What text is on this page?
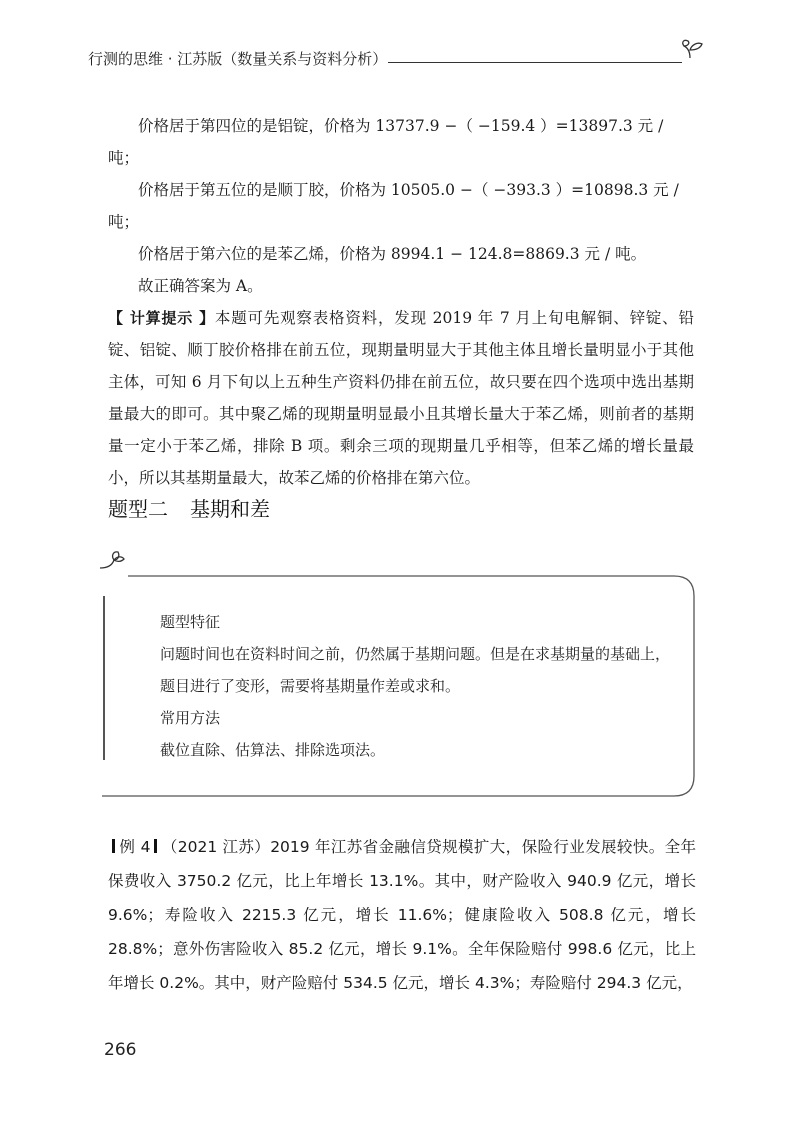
行测的思维 · 江苏版（数量关系与资料分析）

价格居于第四位的是铝锭，价格为 13737.9 −（ −159.4 ）=13897.3 元 / 吨；

价格居于第五位的是顺丁胶，价格为 10505.0 −（ −393.3 ）=10898.3 元 / 吨；

价格居于第六位的是苯乙烯，价格为 8994.1 − 124.8=8869.3 元 / 吨。

故正确答案为 A。

【 计算提示 】本题可先观察表格资料，发现 2019 年 7 月上旬电解铜、锌锭、铅锭、铝锭、顺丁胶价格排在前五位，现期量明显大于其他主体且增长量明显小于其他主体，可知 6 月下旬以上五种生产资料仍排在前五位，故只要在四个选项中选出基期量最大的即可。其中聚乙烯的现期量明显最小且其增长量大于苯乙烯，则前者的基期量一定小于苯乙烯，排除 B 项。剩余三项的现期量几乎相等，但苯乙烯的增长量最小，所以其基期量最大，故苯乙烯的价格排在第六位。

题型二 基期和差

题型特征

问题时间也在资料时间之前，仍然属于基期问题。但是在求基期量的基础上，题目进行了变形，需要将基期量作差或求和。

常用方法

截位直除、估算法、排除选项法。

例 4 （2021 江苏）2019 年江苏省金融信贷规模扩大，保险行业发展较快。全年保费收入 3750.2 亿元，比上年增长 13.1%。其中，财产险收入 940.9 亿元，增长 9.6%；寿险收入 2215.3 亿元，增长 11.6%；健康险收入 508.8 亿元，增长 28.8%；意外伤害险收入 85.2 亿元，增长 9.1%。全年保险赔付 998.6 亿元，比上年增长 0.2%。其中，财产险赔付 534.5 亿元，增长 4.3%；寿险赔付 294.3 亿元，

266
